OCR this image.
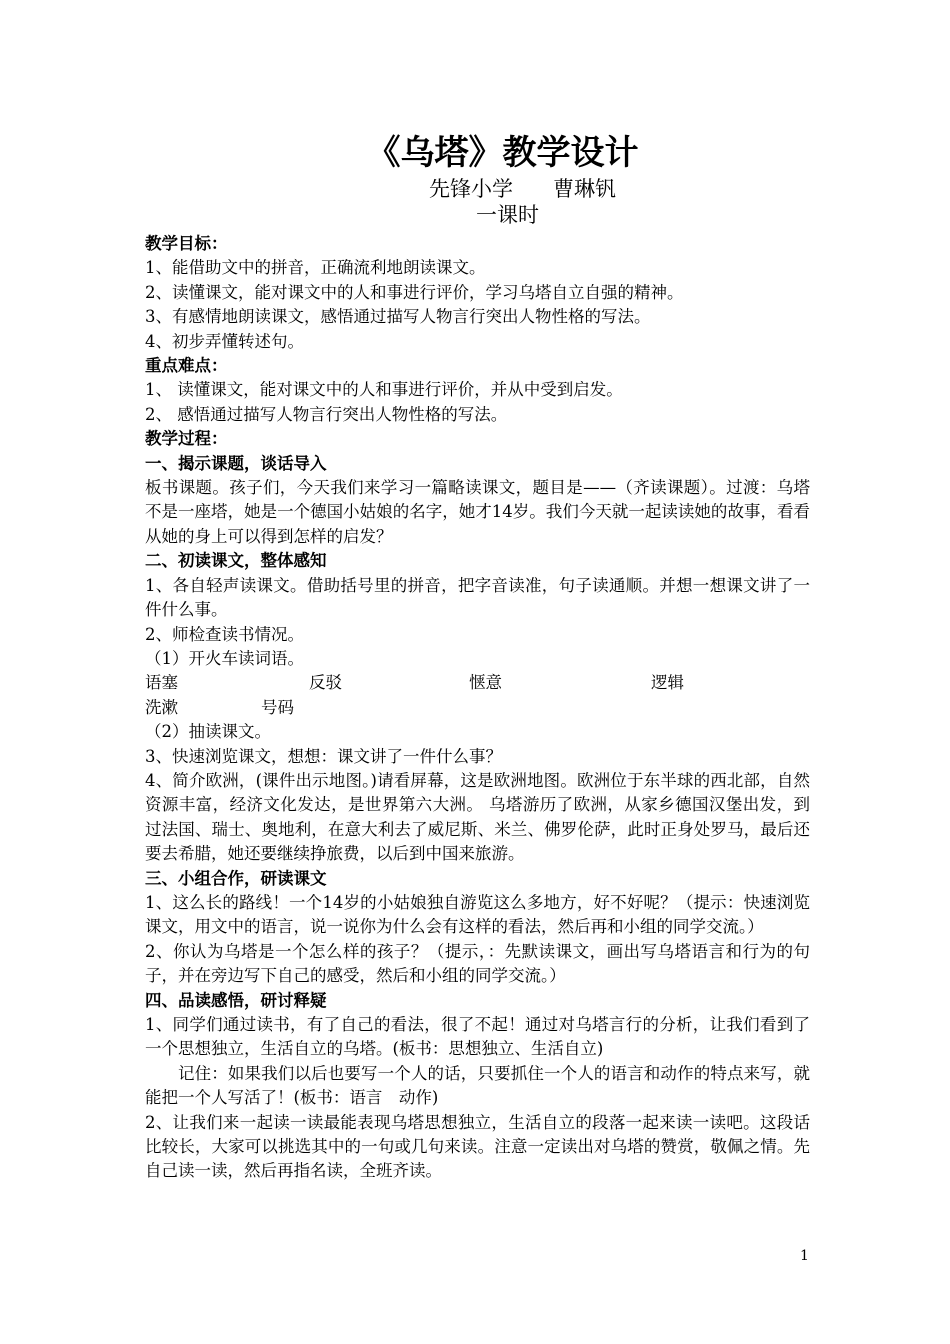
《乌塔》教学设计
先锋小学 曹琳钒
一课时

教学目标：

1、能借助文中的拼音，正确流利地朗读课文。

2、读懂课文，能对课文中的人和事进行评价，学习乌塔自立自强的精神。

3、有感情地朗读课文，感悟通过描写人物言行突出人物性格的写法。

4、初步弄懂转述句。

重点难点：

1、 读懂课文，能对课文中的人和事进行评价，并从中受到启发。

2、 感悟通过描写人物言行突出人物性格的写法。

教学过程：

一、揭示课题，谈话导入

板书课题。孩子们，今天我们来学习一篇略读课文，题目是——（齐读课题）。过渡：乌塔不是一座塔，她是一个德国小姑娘的名字，她才14岁。我们今天就一起读读她的故事，看看从她的身上可以得到怎样的启发？

二、初读课文，整体感知

1、各自轻声读课文。借助括号里的拼音，把字音读准，句子读通顺。并想一想课文讲了一件什么事。

2、师检查读书情况。

（1）开火车读词语。

语塞	反驳	惬意	逻辑
洗漱	号码

（2）抽读课文。

3、快速浏览课文，想想：课文讲了一件什么事？

4、简介欧洲，(课件出示地图。)请看屏幕，这是欧洲地图。欧洲位于东半球的西北部，自然资源丰富，经济文化发达，是世界第六大洲。 乌塔游历了欧洲，从家乡德国汉堡出发，到过法国、瑞士、奥地利，在意大利去了威尼斯、米兰、佛罗伦萨，此时正身处罗马，最后还要去希腊，她还要继续挣旅费，以后到中国来旅游。

三、小组合作，研读课文

1、这么长的路线！一个14岁的小姑娘独自游览这么多地方，好不好呢？（提示：快速浏览课文，用文中的语言，说一说你为什么会有这样的看法，然后再和小组的同学交流。）

2、你认为乌塔是一个怎么样的孩子？（提示，：先默读课文，画出写乌塔语言和行为的句子，并在旁边写下自己的感受，然后和小组的同学交流。）

四、品读感悟，研讨释疑

1、同学们通过读书，有了自己的看法，很了不起！通过对乌塔言行的分析，让我们看到了一个思想独立，生活自立的乌塔。(板书：思想独立、生活自立)

记住：如果我们以后也要写一个人的话，只要抓住一个人的语言和动作的特点来写，就能把一个人写活了！(板书：语言　动作)

2、让我们来一起读一读最能表现乌塔思想独立，生活自立的段落一起来读一读吧。这段话比较长，大家可以挑选其中的一句或几句来读。注意一定读出对乌塔的赞赏，敬佩之情。先自己读一读，然后再指名读，全班齐读。

1
